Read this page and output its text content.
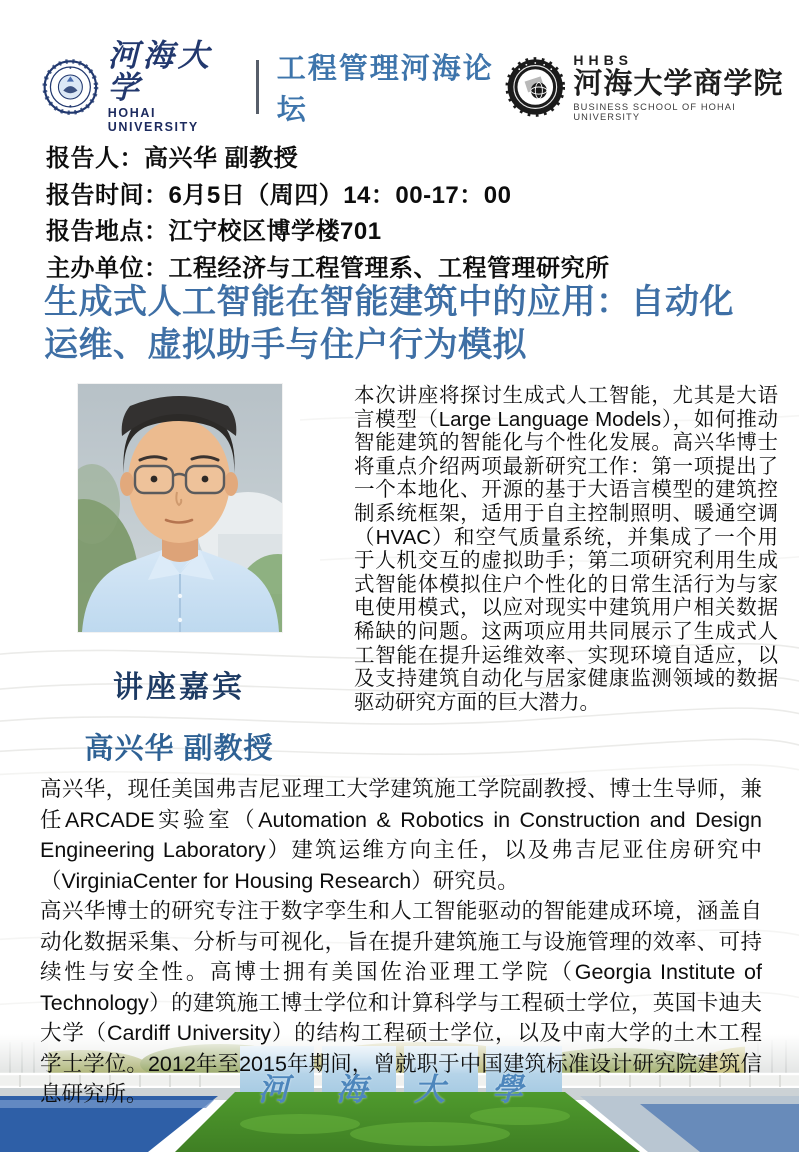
河海大学
HOHAI UNIVERSITY
工程管理河海论坛
HHBS
河海大学商学院
BUSINESS SCHOOL OF HOHAI UNIVERSITY
报告人：高兴华 副教授
报告时间：6月5日（周四）14：00-17：00
报告地点：江宁校区博学楼701
主办单位：工程经济与工程管理系、工程管理研究所
生成式人工智能在智能建筑中的应用：自动化运维、虚拟助手与住户行为模拟
讲座嘉宾
高兴华 副教授

本次讲座将探讨生成式人工智能，尤其是大语言模型（Large Language Models），如何推动智能建筑的智能化与个性化发展。高兴华博士将重点介绍两项最新研究工作：第一项提出了一个本地化、开源的基于大语言模型的建筑控制系统框架，适用于自主控制照明、暖通空调（HVAC）和空气质量系统，并集成了一个用于人机交互的虚拟助手；第二项研究利用生成式智能体模拟住户个性化的日常生活行为与家电使用模式，以应对现实中建筑用户相关数据稀缺的问题。这两项应用共同展示了生成式人工智能在提升运维效率、实现环境自适应，以及支持建筑自动化与居家健康监测领域的数据驱动研究方面的巨大潜力。

高兴华，现任美国弗吉尼亚理工大学建筑施工学院副教授、博士生导师，兼任ARCADE实验室（Automation & Robotics in Construction and Design Engineering Laboratory）建筑运维方向主任，以及弗吉尼亚住房研究中（VirginiaCenter for Housing Research）研究员。

高兴华博士的研究专注于数字孪生和人工智能驱动的智能建成环境，涵盖自动化数据采集、分析与可视化，旨在提升建筑施工与设施管理的效率、可持续性与安全性。高博士拥有美国佐治亚理工学院（Georgia Institute of Technology）的建筑施工博士学位和计算科学与工程硕士学位，英国卡迪夫大学（Cardiff University）的结构工程硕士学位，以及中南大学的土木工程学士学位。2012年至2015年期间，曾就职于中国建筑标准设计研究院建筑信息研究所。	河海大學
